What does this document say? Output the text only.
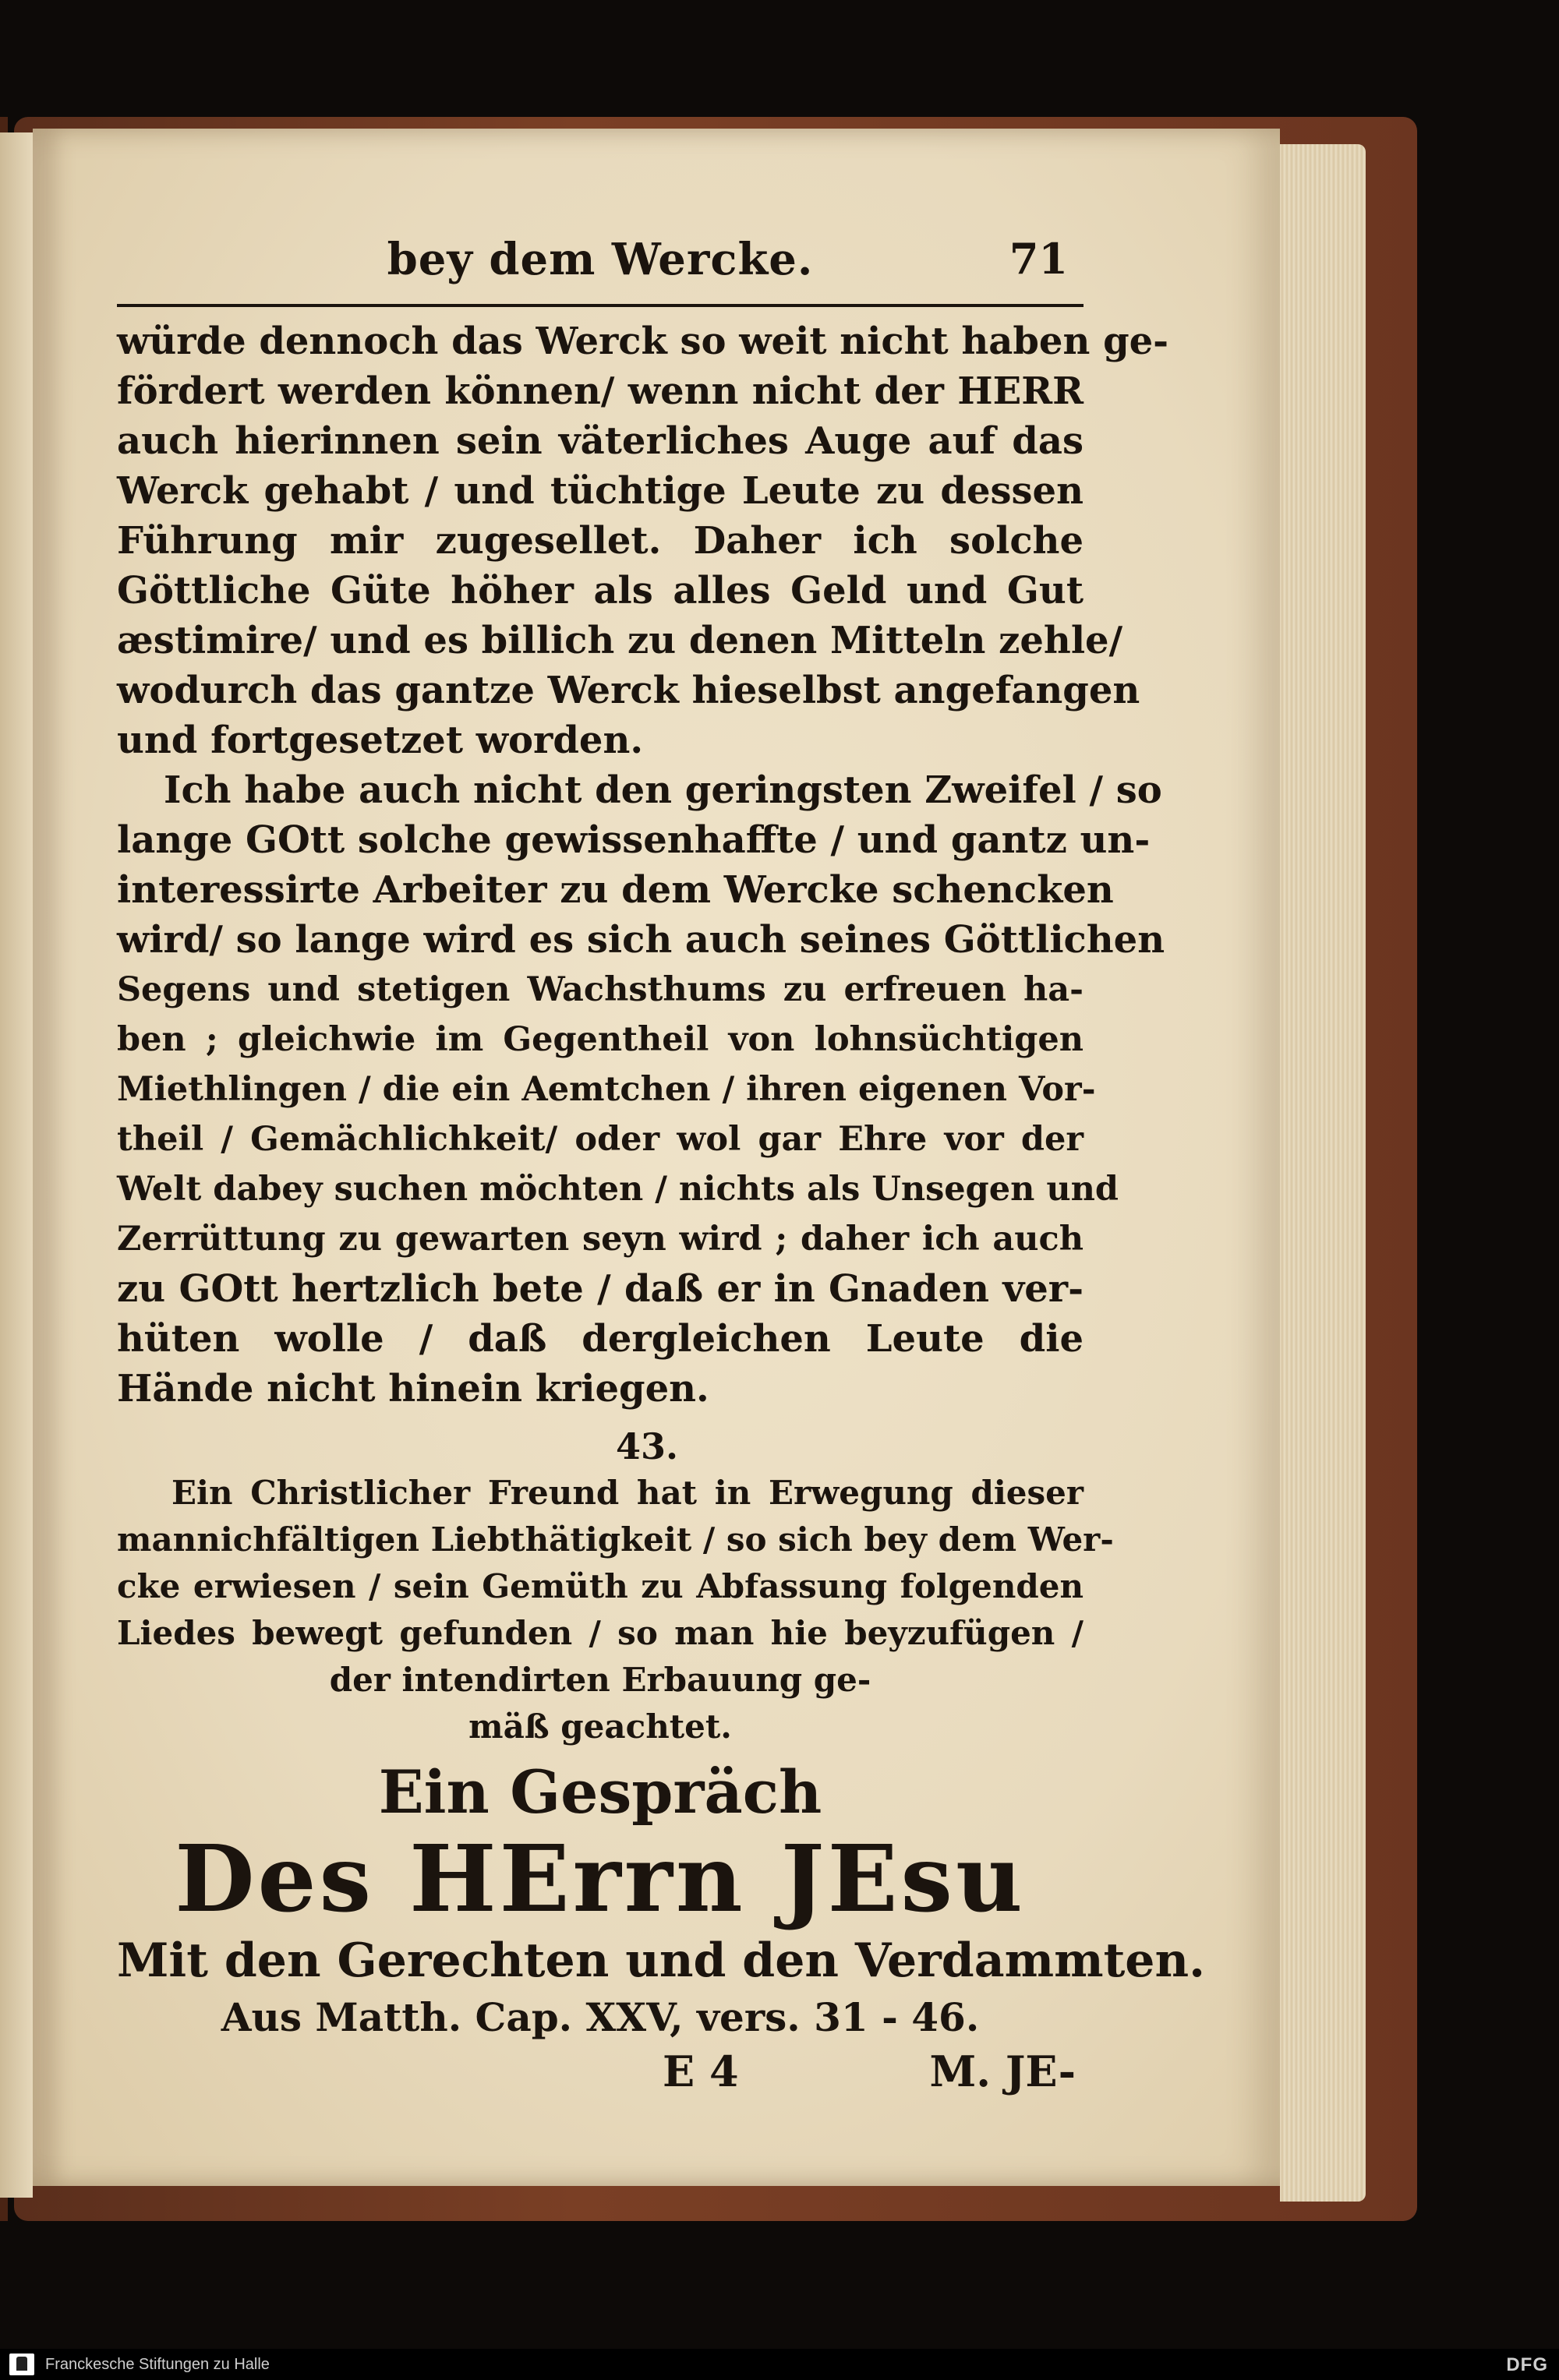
bey dem Wercke.	71
würde dennoch das Werck so weit nicht haben ge-
fördert werden können/ wenn nicht der HERR
auch hierinnen sein väterliches Auge auf das
Werck gehabt / und tüchtige Leute zu dessen
Führung mir zugesellet. Daher ich solche
Göttliche Güte höher als alles Geld und Gut
æstimire/ und es billich zu denen Mitteln zehle/
wodurch das gantze Werck hieselbst angefangen
und fortgesetzet worden.
Ich habe auch nicht den geringsten Zweifel / so
lange GOtt solche gewissenhaffte / und gantz un-
interessirte Arbeiter zu dem Wercke schencken
wird/ so lange wird es sich auch seines Göttlichen
Segens und stetigen Wachsthums zu erfreuen ha-
ben ; gleichwie im Gegentheil von lohnsüchtigen
Miethlingen / die ein Aemtchen / ihren eigenen Vor-
theil / Gemächlichkeit/ oder wol gar Ehre vor der
Welt dabey suchen möchten / nichts als Unsegen und
Zerrüttung zu gewarten seyn wird ; daher ich auch
zu GOtt hertzlich bete / daß er in Gnaden ver-
hüten wolle / daß dergleichen Leute die
Hände nicht hinein kriegen.
43.
Ein Christlicher Freund hat in Erwegung dieser
mannichfältigen Liebthätigkeit / so sich bey dem Wer-
cke erwiesen / sein Gemüth zu Abfassung folgenden
Liedes bewegt gefunden / so man hie beyzufügen /
der intendirten Erbauung ge-
mäß geachtet.
Ein Gespräch
Des HErrn JEsu
Mit den Gerechten und den Verdammten.
Aus Matth. Cap. XXV, vers. 31 - 46.
E 4	M. JE-
Franckesche Stiftungen zu Halle	DFG
